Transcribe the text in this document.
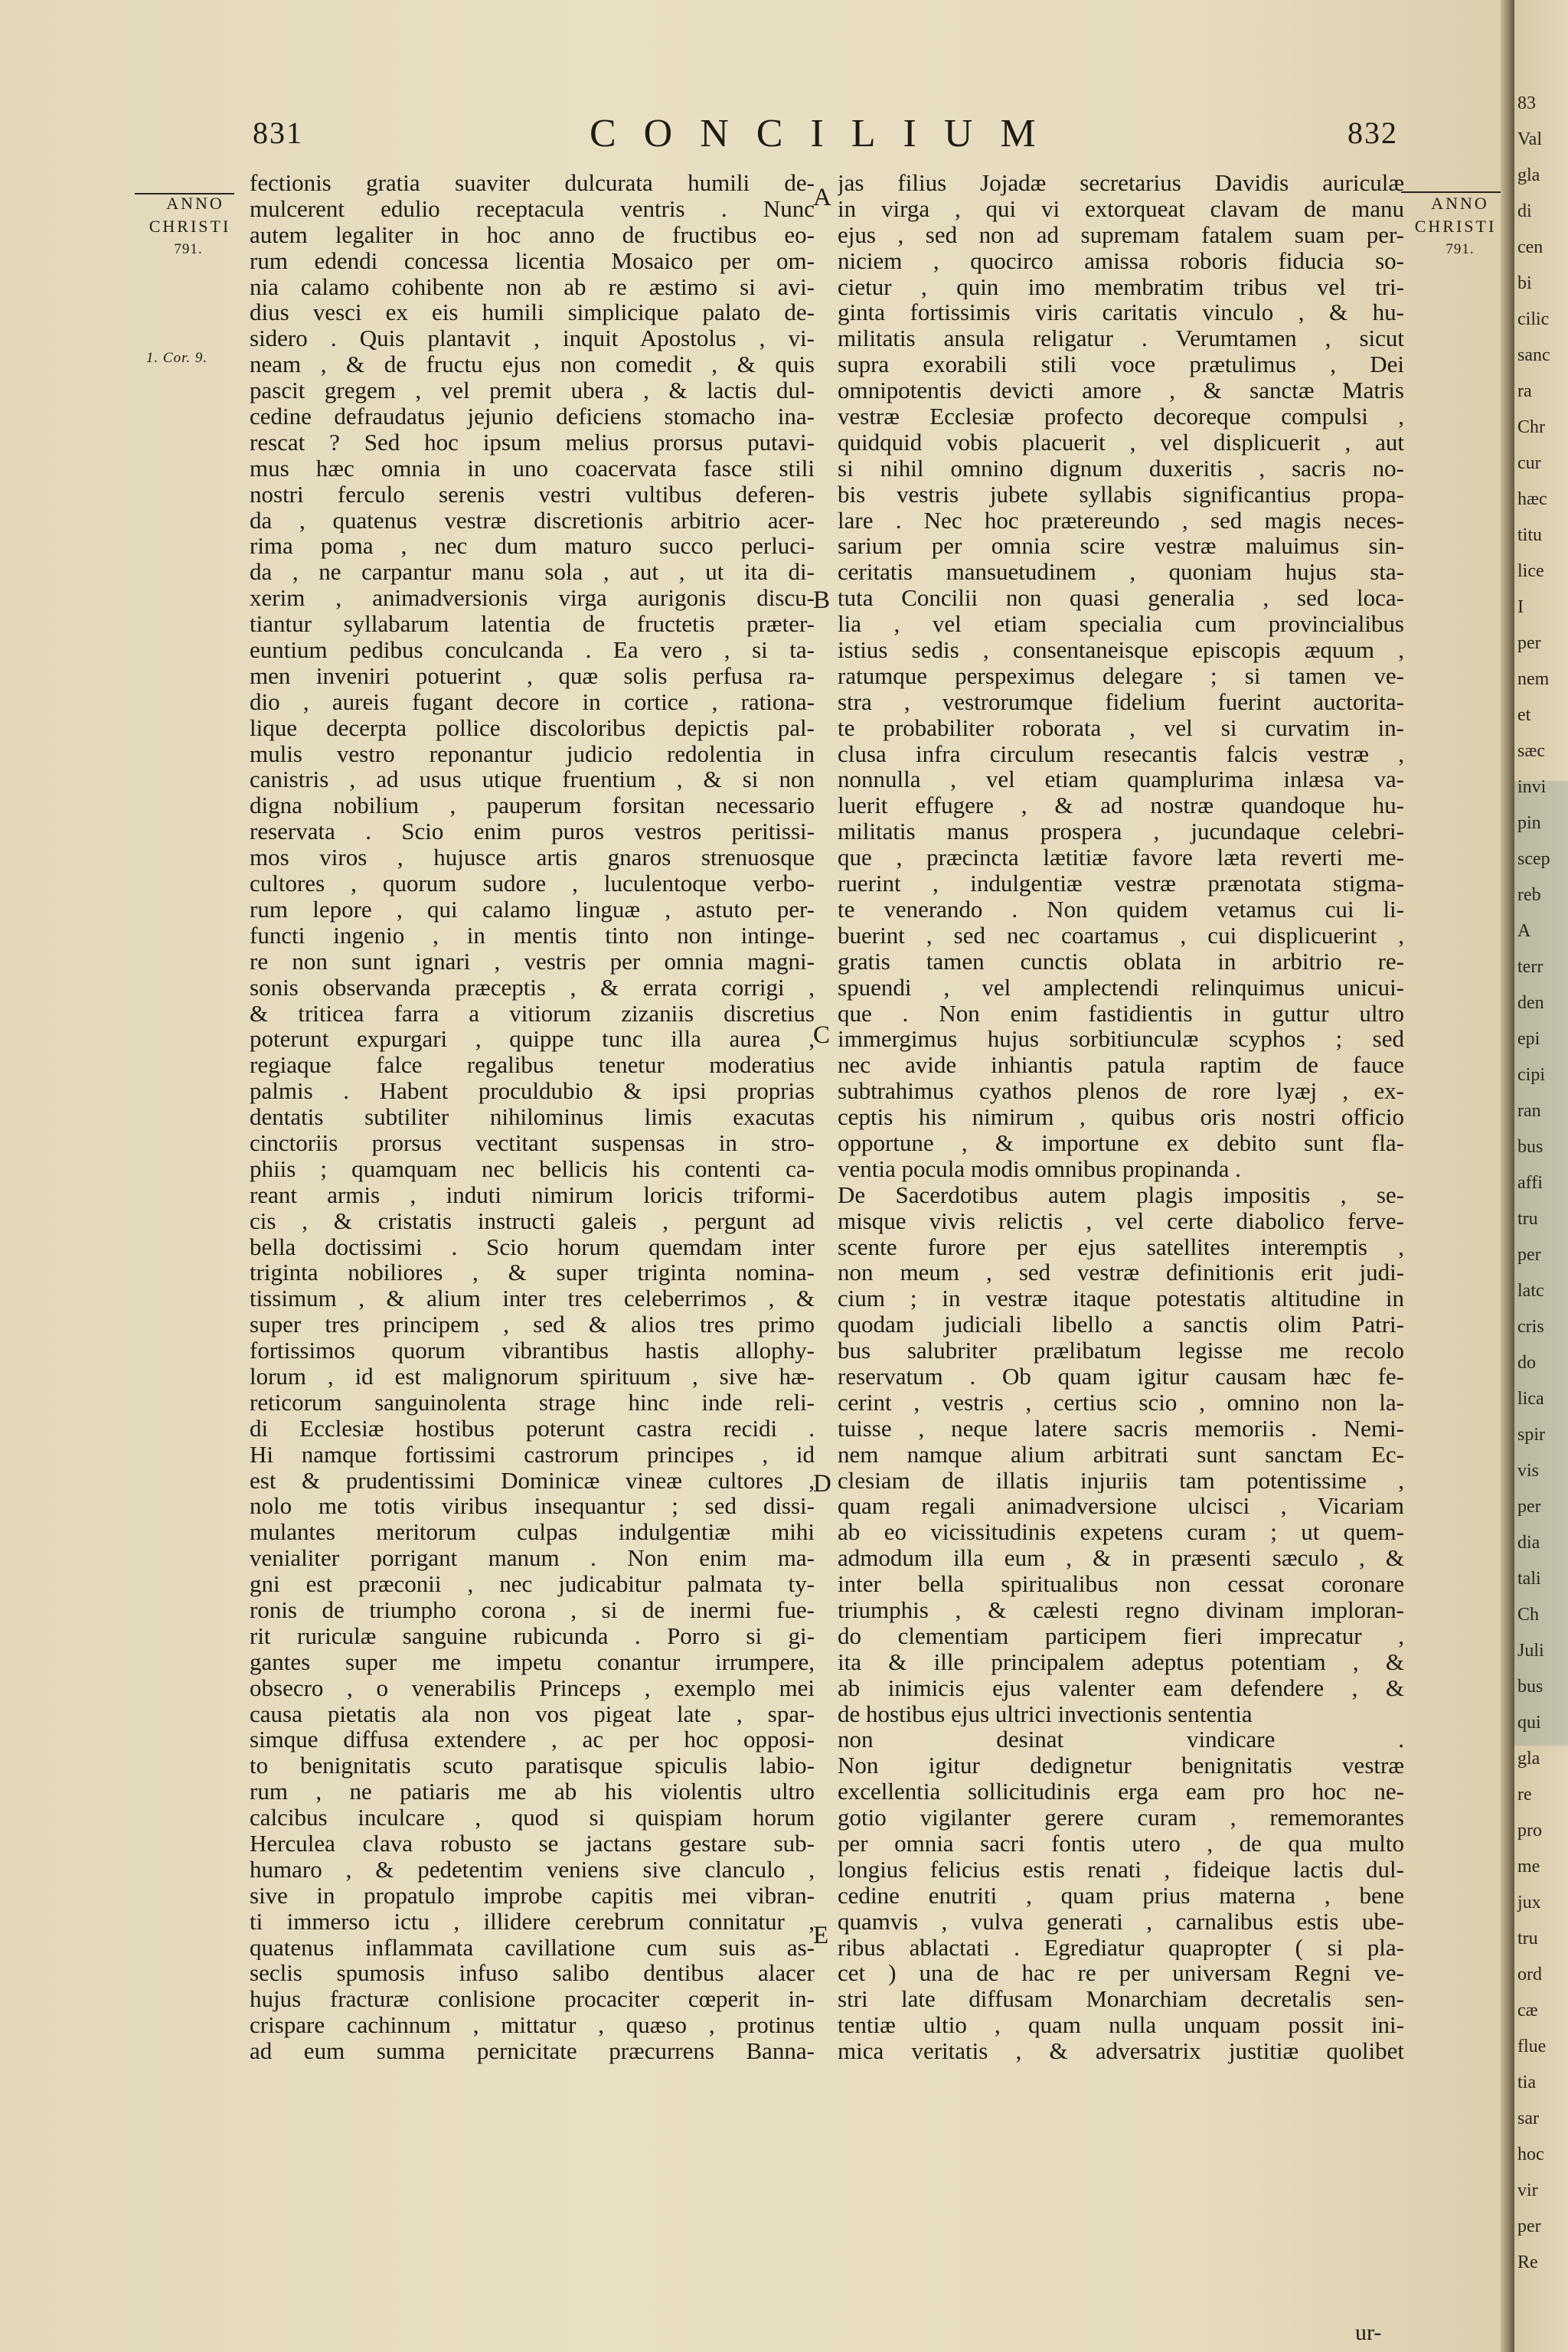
831	CONCILIUM	832
ANNO
CHRISTI
791.
1. Cor. 9.
ANNO
CHRISTI
791.
A
B
C
D
E
fectionis gratia suaviter dulcurata humili de-
mulcerent edulio receptacula ventris . Nunc
autem legaliter in hoc anno de fructibus eo-
rum edendi concessa licentia Mosaico per om-
nia calamo cohibente non ab re æstimo si avi-
dius vesci ex eis humili simplicique palato de-
sidero . Quis plantavit , inquit Apostolus , vi-
neam , & de fructu ejus non comedit , & quis
pascit gregem , vel premit ubera , & lactis dul-
cedine defraudatus jejunio deficiens stomacho ina-
rescat ? Sed hoc ipsum melius prorsus putavi-
mus hæc omnia in uno coacervata fasce stili
nostri ferculo serenis vestri vultibus deferen-
da , quatenus vestræ discretionis arbitrio acer-
rima poma , nec dum maturo succo perluci-
da , ne carpantur manu sola , aut , ut ita di-
xerim , animadversionis virga aurigonis discu-
tiantur syllabarum latentia de fructetis præter-
euntium pedibus conculcanda . Ea vero , si ta-
men inveniri potuerint , quæ solis perfusa ra-
dio , aureis fugant decore in cortice , rationa-
lique decerpta pollice discoloribus depictis pal-
mulis vestro reponantur judicio redolentia in
canistris , ad usus utique fruentium , & si non
digna nobilium , pauperum forsitan necessario
reservata . Scio enim puros vestros peritissi-
mos viros , hujusce artis gnaros strenuosque
cultores , quorum sudore , luculentoque verbo-
rum lepore , qui calamo linguæ , astuto per-
functi ingenio , in mentis tinto non intinge-
re non sunt ignari , vestris per omnia magni-
sonis observanda præceptis , & errata corrigi ,
& triticea farra a vitiorum zizaniis discretius
poterunt expurgari , quippe tunc illa aurea ,
regiaque falce regalibus tenetur moderatius
palmis . Habent proculdubio & ipsi proprias
dentatis subtiliter nihilominus limis exacutas
cinctoriis prorsus vectitant suspensas in stro-
phiis ; quamquam nec bellicis his contenti ca-
reant armis , induti nimirum loricis triformi-
cis , & cristatis instructi galeis , pergunt ad
bella doctissimi . Scio horum quemdam inter
triginta nobiliores , & super triginta nomina-
tissimum , & alium inter tres celeberrimos , &
super tres principem , sed & alios tres primo
fortissimos quorum vibrantibus hastis allophy-
lorum , id est malignorum spirituum , sive hæ-
reticorum sanguinolenta strage hinc inde reli-
di Ecclesiæ hostibus poterunt castra recidi .
Hi namque fortissimi castrorum principes , id
est & prudentissimi Dominicæ vineæ cultores ,
nolo me totis viribus insequantur ; sed dissi-
mulantes meritorum culpas indulgentiæ mihi
venialiter porrigant manum . Non enim ma-
gni est præconii , nec judicabitur palmata ty-
ronis de triumpho corona , si de inermi fue-
rit ruriculæ sanguine rubicunda . Porro si gi-
gantes super me impetu conantur irrumpere,
obsecro , o venerabilis Princeps , exemplo mei
causa pietatis ala non vos pigeat late , spar-
simque diffusa extendere , ac per hoc opposi-
to benignitatis scuto paratisque spiculis labio-
rum , ne patiaris me ab his violentis ultro
calcibus inculcare , quod si quispiam horum
Herculea clava robusto se jactans gestare sub-
humaro , & pedetentim veniens sive clanculo ,
sive in propatulo improbe capitis mei vibran-
ti immerso ictu , illidere cerebrum connitatur ,
quatenus inflammata cavillatione cum suis as-
seclis spumosis infuso salibo dentibus alacer
hujus fracturæ conlisione procaciter cœperit in-
crispare cachinnum , mittatur , quæso , protinus
ad eum summa pernicitate præcurrens Banna-
jas filius Jojadæ secretarius Davidis auriculæ
in virga , qui vi extorqueat clavam de manu
ejus , sed non ad supremam fatalem suam per-
niciem , quocirco amissa roboris fiducia so-
cietur , quin imo membratim tribus vel tri-
ginta fortissimis viris caritatis vinculo , & hu-
militatis ansula religatur . Verumtamen , sicut
supra exorabili stili voce prætulimus , Dei
omnipotentis devicti amore , & sanctæ Matris
vestræ Ecclesiæ profecto decoreque compulsi ,
quidquid vobis placuerit , vel displicuerit , aut
si nihil omnino dignum duxeritis , sacris no-
bis vestris jubete syllabis significantius propa-
lare . Nec hoc prætereundo , sed magis neces-
sarium per omnia scire vestræ maluimus sin-
ceritatis mansuetudinem , quoniam hujus sta-
tuta Concilii non quasi generalia , sed loca-
lia , vel etiam specialia cum provincialibus
istius sedis , consentaneisque episcopis æquum ,
ratumque perspeximus delegare ; si tamen ve-
stra , vestrorumque fidelium fuerint auctorita-
te probabiliter roborata , vel si curvatim in-
clusa infra circulum resecantis falcis vestræ ,
nonnulla , vel etiam quamplurima inlæsa va-
luerit effugere , & ad nostræ quandoque hu-
militatis manus prospera , jucundaque celebri-
que , præcincta lætitiæ favore læta reverti me-
ruerint , indulgentiæ vestræ prænotata stigma-
te venerando . Non quidem vetamus cui li-
buerint , sed nec coartamus , cui displicuerint ,
gratis tamen cunctis oblata in arbitrio re-
spuendi , vel amplectendi relinquimus unicui-
que . Non enim fastidientis in guttur ultro
immergimus hujus sorbitiunculæ scyphos ; sed
nec avide inhiantis patula raptim de fauce
subtrahimus cyathos plenos de rore lyæj , ex-
ceptis his nimirum , quibus oris nostri officio
opportune , & importune ex debito sunt fla-
ventia pocula modis omnibus propinanda .
De Sacerdotibus autem plagis impositis , se-
misque vivis relictis , vel certe diabolico ferve-
scente furore per ejus satellites interemptis ,
non meum , sed vestræ definitionis erit judi-
cium ; in vestræ itaque potestatis altitudine in
quodam judiciali libello a sanctis olim Patri-
bus salubriter prælibatum legisse me recolo
reservatum . Ob quam igitur causam hæc fe-
cerint , vestris , certius scio , omnino non la-
tuisse , neque latere sacris memoriis . Nemi-
nem namque alium arbitrati sunt sanctam Ec-
clesiam de illatis injuriis tam potentissime ,
quam regali animadversione ulcisci , Vicariam
ab eo vicissitudinis expetens curam ; ut quem-
admodum illa eum , & in præsenti sæculo , &
inter bella spiritualibus non cessat coronare
triumphis , & cælesti regno divinam imploran-
do clementiam participem fieri imprecatur ,
ita & ille principalem adeptus potentiam , &
ab inimicis ejus valenter eam defendere , &
de hostibus ejus ultrici invectionis sententia
non desinat vindicare .
Non igitur dedignetur benignitatis vestræ
excellentia sollicitudinis erga eam pro hoc ne-
gotio vigilanter gerere curam , rememorantes
per omnia sacri fontis utero , de qua multo
longius felicius estis renati , fideique lactis dul-
cedine enutriti , quam prius materna , bene
quamvis , vulva generati , carnalibus estis ube-
ribus ablactati . Egrediatur quapropter ( si pla-
cet ) una de hac re per universam Regni ve-
stri late diffusam Monarchiam decretalis sen-
tentiæ ultio , quam nulla unquam possit ini-
mica veritatis , & adversatrix justitiæ quolibet
ur-
83
Val
gla
di
cen
bi
cilic
sanc
ra
Chr
cur
hæc
titu
lice
I
per
nem
et
sæc
invi
pin
scep
reb
A
terr
den
epi
cipi
ran
bus
affi
tru
per
latc
cris
do
lica
spir
vis
per
dia
tali
Ch
Juli
bus
qui
gla
re
pro
me
jux
tru
ord
cæ
flue
tia
sar
hoc
vir
per
Re
